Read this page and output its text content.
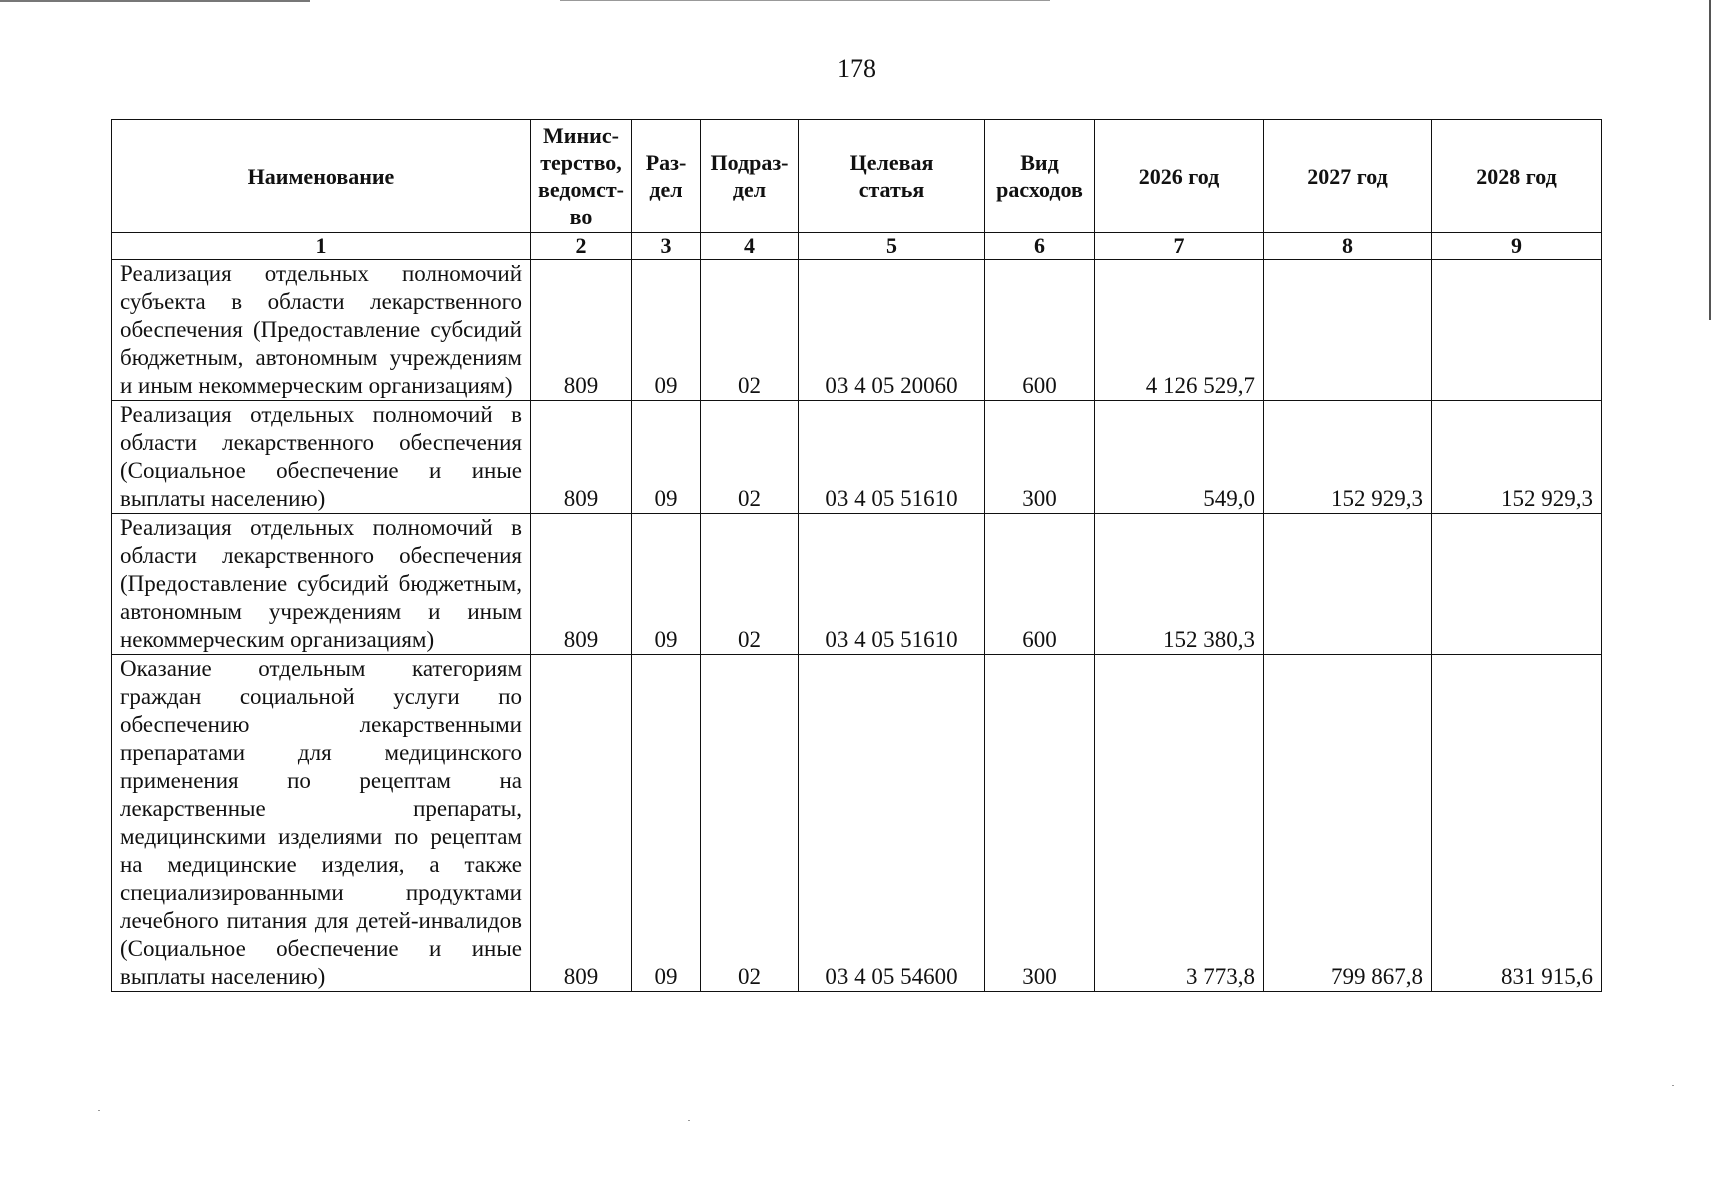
178
Наименование	Минис-
терство,
ведомст-
во	Раз-
дел	Подраз-
дел	Целевая
статья	Вид
расходов	2026 год	2027 год	2028 год
1	2	3	4	5	6	7	8	9
Реализация отдельных полномочий субъекта в области лекарственного обеспечения (Предоставление субсидий бюджетным, автономным учреждениям и иным некоммерческим организациям)	809	09	02	03 4 05 20060	600	4 126 529,7		
Реализация отдельных полномочий в области лекарственного обеспечения (Социальное обеспечение и иные выплаты населению)	809	09	02	03 4 05 51610	300	549,0	152 929,3	152 929,3
Реализация отдельных полномочий в области лекарственного обеспечения (Предоставление субсидий бюджетным, автономным учреждениям и иным некоммерческим организациям)	809	09	02	03 4 05 51610	600	152 380,3		
Оказание отдельным категориям граждан социальной услуги по обеспечению лекарственными препаратами для медицинского применения по рецептам на лекарственные препараты, медицинскими изделиями по рецептам на медицинские изделия, а также специализированными продуктами лечебного питания для детей-инвалидов (Социальное обеспечение и иные выплаты населению)	809	09	02	03 4 05 54600	300	3 773,8	799 867,8	831 915,6
